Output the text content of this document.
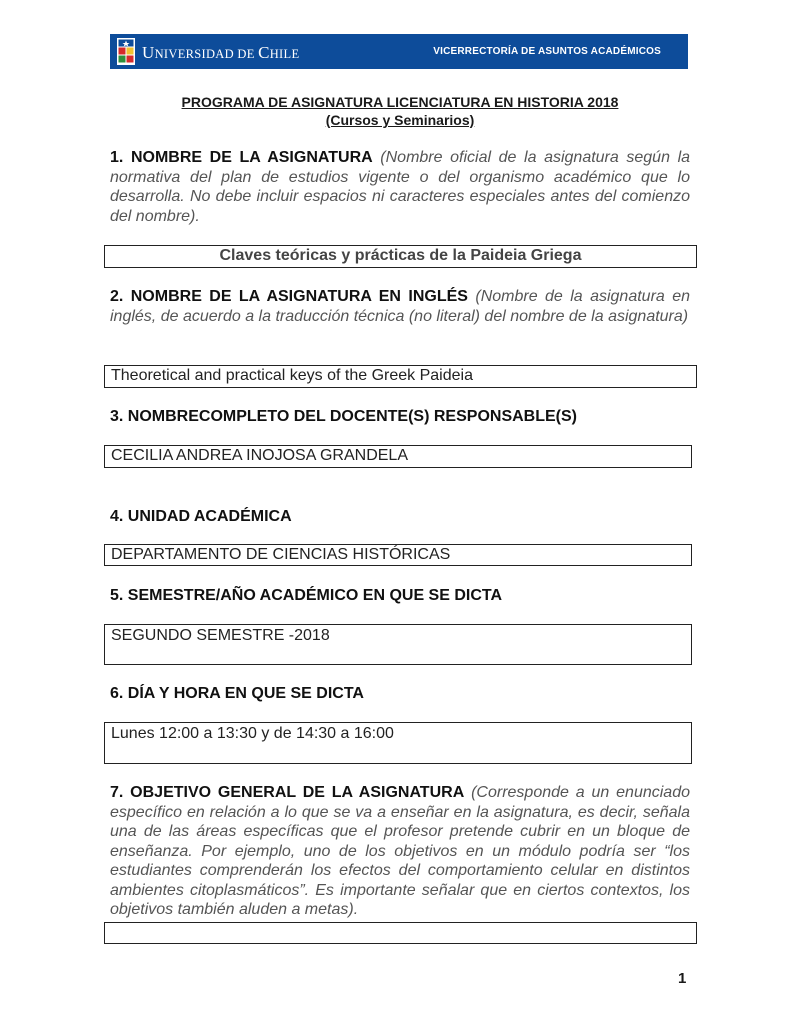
UNIVERSIDAD DE CHILE	VICERRECTORÍA DE ASUNTOS ACADÉMICOS
PROGRAMA DE ASIGNATURA LICENCIATURA EN HISTORIA 2018
(Cursos y Seminarios)
1. NOMBRE DE LA ASIGNATURA (Nombre oficial de la asignatura según la normativa del plan de estudios vigente o del organismo académico que lo desarrolla. No debe incluir espacios ni caracteres especiales antes del comienzo del nombre).
Claves teóricas y prácticas de la Paideia Griega
2. NOMBRE DE LA ASIGNATURA EN INGLÉS (Nombre de la asignatura en inglés, de acuerdo a la traducción técnica (no literal) del nombre de la asignatura)
Theoretical and practical keys of the Greek Paideia
3. NOMBRECOMPLETO DEL DOCENTE(S) RESPONSABLE(S)
CECILIA ANDREA INOJOSA GRANDELA
4. UNIDAD ACADÉMICA
DEPARTAMENTO DE CIENCIAS HISTÓRICAS
5. SEMESTRE/AÑO ACADÉMICO EN QUE SE DICTA
SEGUNDO SEMESTRE -2018
6. DÍA Y HORA EN QUE SE DICTA
Lunes 12:00 a 13:30 y de 14:30 a 16:00
7. OBJETIVO GENERAL DE LA ASIGNATURA (Corresponde a un enunciado específico en relación a lo que se va a enseñar en la asignatura, es decir, señala una de las áreas específicas que el profesor pretende cubrir en un bloque de enseñanza. Por ejemplo, uno de los objetivos en un módulo podría ser “los estudiantes comprenderán los efectos del comportamiento celular en distintos ambientes citoplasmáticos”. Es importante señalar que en ciertos contextos, los objetivos también aluden a metas).
1
